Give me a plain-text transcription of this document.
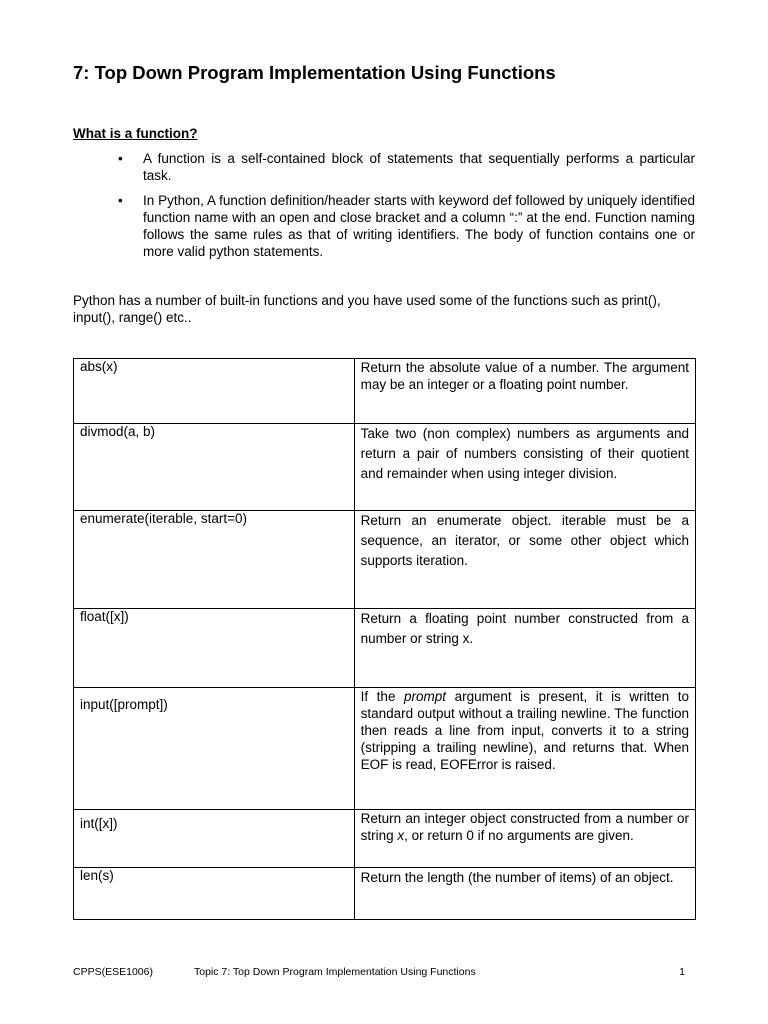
7: Top Down Program Implementation Using Functions
What is a function?
• A function is a self-contained block of statements that sequentially performs a particular task.
• In Python, A function definition/header starts with keyword def followed by uniquely identified function name with an open and close bracket and a column “:” at the end. Function naming follows the same rules as that of writing identifiers. The body of function contains one or more valid python statements.

Python has a number of built-in functions and you have used some of the functions such as print(), input(), range() etc..

abs(x)	Return the absolute value of a number. The argument may be an integer or a floating point number.
divmod(a, b)	Take two (non complex) numbers as arguments and return a pair of numbers consisting of their quotient and remainder when using integer division.
enumerate(iterable, start=0)	Return an enumerate object. iterable must be a sequence, an iterator, or some other object which supports iteration.
float([x])	Return a floating point number constructed from a number or string x.
input([prompt])	If the prompt argument is present, it is written to standard output without a trailing newline. The function then reads a line from input, converts it to a string (stripping a trailing newline), and returns that. When EOF is read, EOFError is raised.
int([x])	Return an integer object constructed from a number or string x, or return 0 if no arguments are given.
len(s)	Return the length (the number of items) of an object.
CPPS(ESE1006)	Topic 7: Top Down Program Implementation Using Functions	1
